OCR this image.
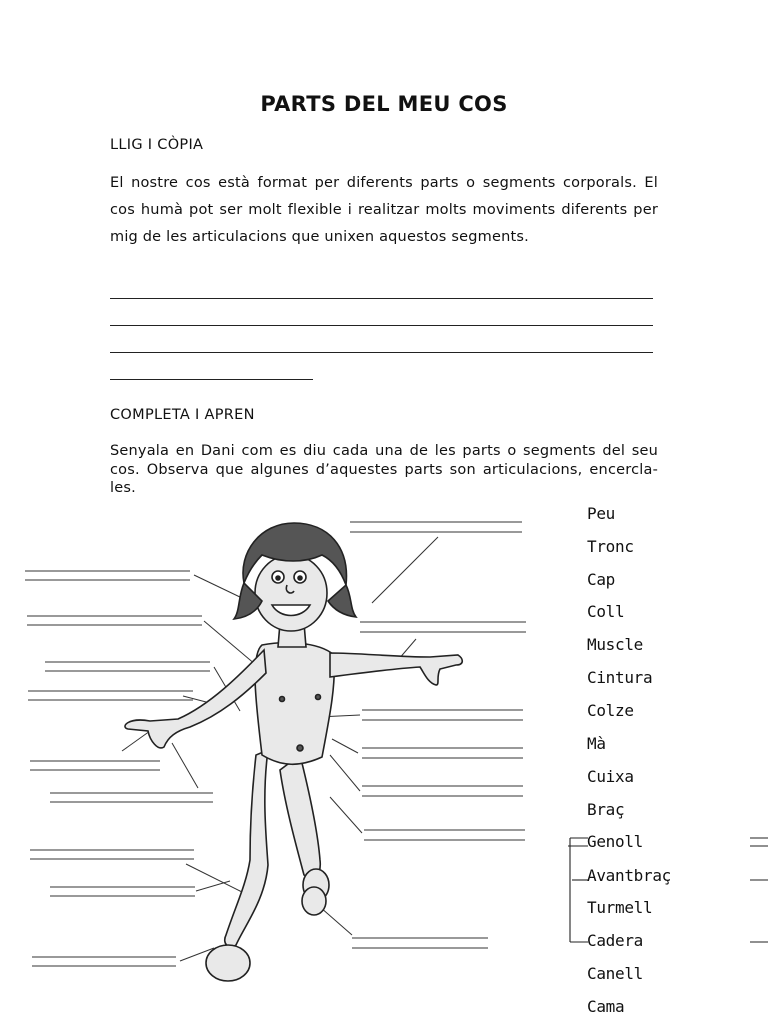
PARTS DEL MEU COS
LLIG I CÒPIA
El nostre cos està format per diferents parts o segments corporals. El cos humà pot ser molt flexible i realitzar molts moviments diferents per mig de les articulacions que unixen aquestos segments.
COMPLETA I APREN
Senyala en Dani com es diu cada una de les parts o segments del seu cos. Observa que algunes d’aquestes parts son articulacions, encercla-les.
Peu
Tronc
Cap
Coll
Muscle
Cintura
Colze
Mà
Cuixa
Braç
Genoll
Avantbraç
Turmell
Cadera
Canell
Cama
